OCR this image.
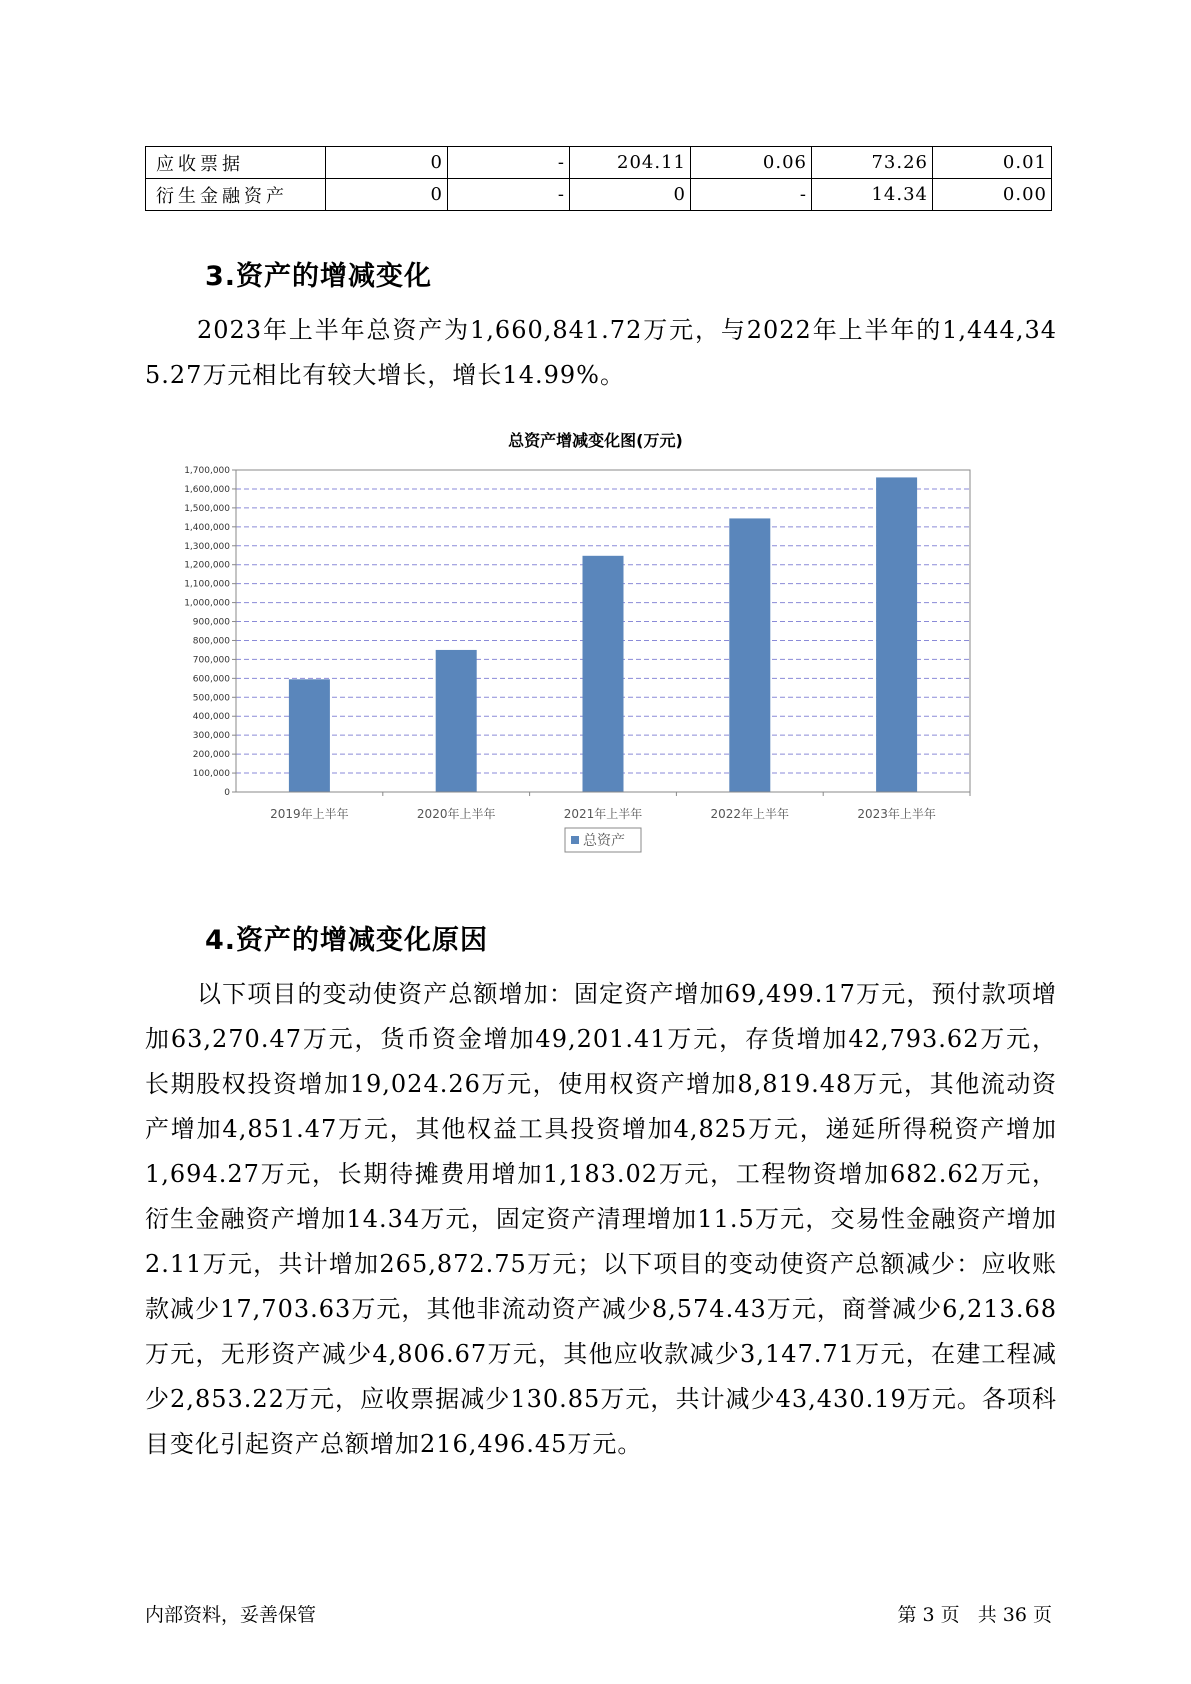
应收票据	0	-	204.11	0.06	73.26	0.01
衍生金融资产	0	-	0	-	14.34	0.00
3.资产的增减变化

2023年上半年总资产为1,660,841.72万元，与2022年上半年的1,444,345.27万元相比有较大增长，增长14.99%。

总资产增减变化图(万元)
0
100,000
200,000
300,000
400,000
500,000
600,000
700,000
800,000
900,000
1,000,000
1,100,000
1,200,000
1,300,000
1,400,000
1,500,000
1,600,000
1,700,000
2019年上半年	2020年上半年	2021年上半年	2022年上半年	2023年上半年
总资产
4.资产的增减变化原因

以下项目的变动使资产总额增加：固定资产增加69,499.17万元，预付款项增加63,270.47万元，货币资金增加49,201.41万元，存货增加42,793.62万元，长期股权投资增加19,024.26万元，使用权资产增加8,819.48万元，其他流动资产增加4,851.47万元，其他权益工具投资增加4,825万元，递延所得税资产增加1,694.27万元，长期待摊费用增加1,183.02万元，工程物资增加682.62万元，衍生金融资产增加14.34万元，固定资产清理增加11.5万元，交易性金融资产增加2.11万元，共计增加265,872.75万元；以下项目的变动使资产总额减少：应收账款减少17,703.63万元，其他非流动资产减少8,574.43万元，商誉减少6,213.68万元，无形资产减少4,806.67万元，其他应收款减少3,147.71万元，在建工程减少2,853.22万元，应收票据减少130.85万元，共计减少43,430.19万元。各项科目变化引起资产总额增加216,496.45万元。

内部资料，妥善保管	第 3 页   共 36 页
